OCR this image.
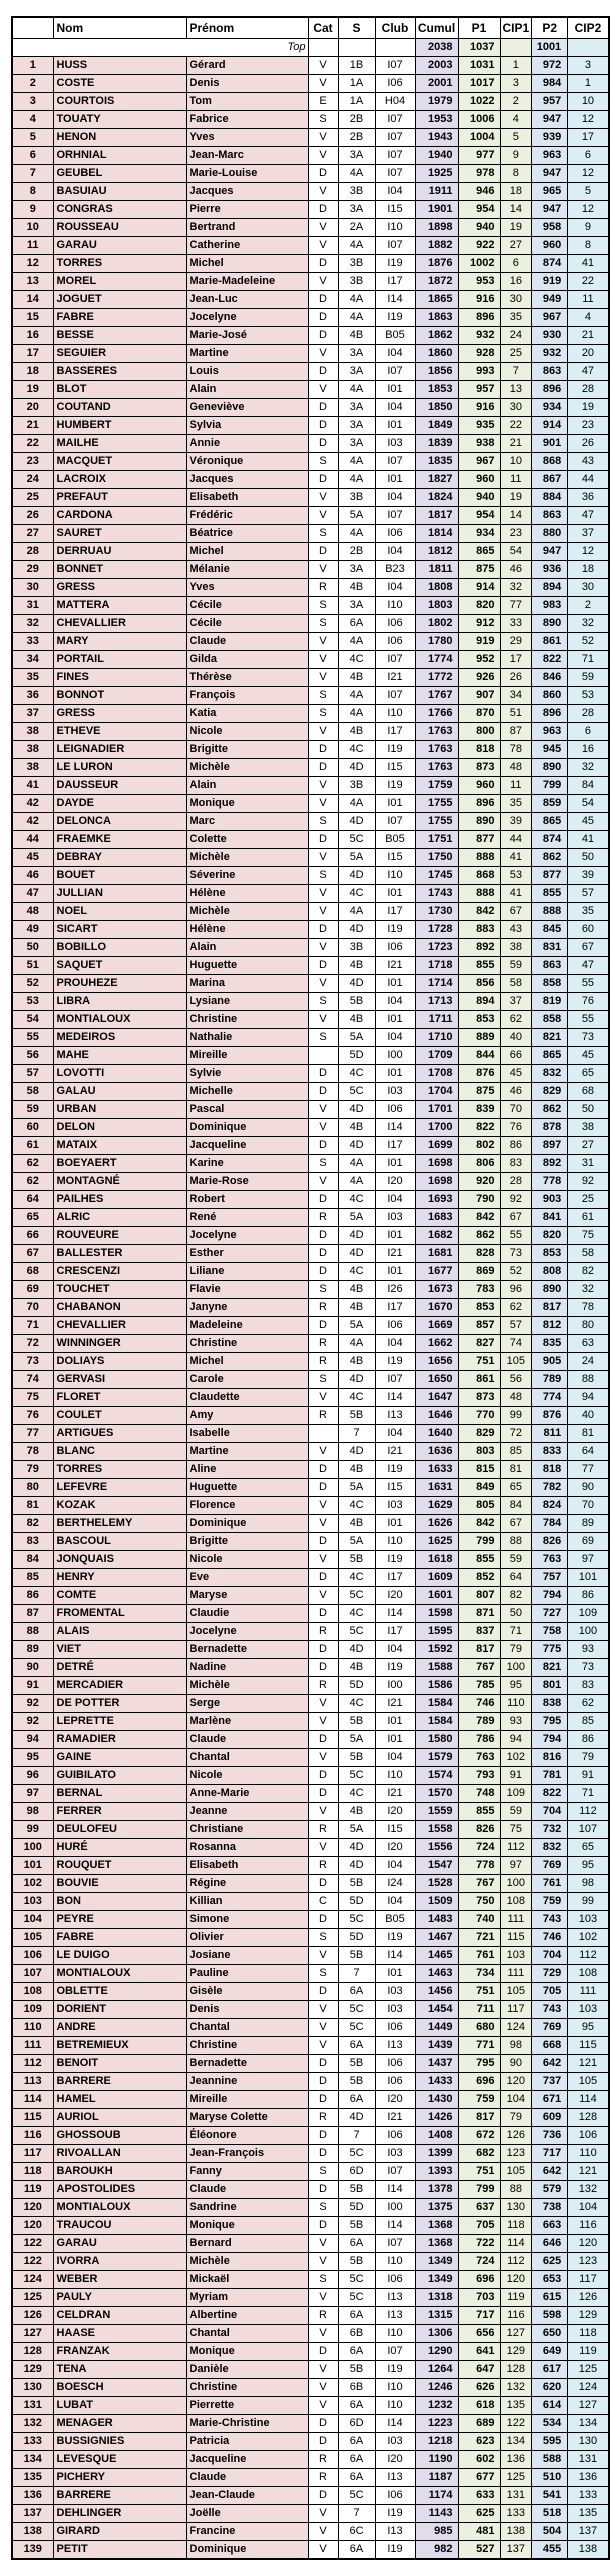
	Nom	Prénom	Cat	S	Club	Cumul	P1	CIP1	P2	CIP2
Top						2038	1037		1001	
1	HUSS	Gérard	V	1B	I07	2003	1031	1	972	3
2	COSTE	Denis	V	1A	I06	2001	1017	3	984	1
3	COURTOIS	Tom	E	1A	H04	1979	1022	2	957	10
4	TOUATY	Fabrice	S	2B	I07	1953	1006	4	947	12
5	HENON	Yves	V	2B	I07	1943	1004	5	939	17
6	ORHNIAL	Jean-Marc	V	3A	I07	1940	977	9	963	6
7	GEUBEL	Marie-Louise	D	4A	I07	1925	978	8	947	12
8	BASUIAU	Jacques	V	3B	I04	1911	946	18	965	5
9	CONGRAS	Pierre	D	3A	I15	1901	954	14	947	12
10	ROUSSEAU	Bertrand	V	2A	I10	1898	940	19	958	9
11	GARAU	Catherine	V	4A	I07	1882	922	27	960	8
12	TORRES	Michel	D	3B	I19	1876	1002	6	874	41
13	MOREL	Marie-Madeleine	V	3B	I17	1872	953	16	919	22
14	JOGUET	Jean-Luc	D	4A	I14	1865	916	30	949	11
15	FABRE	Jocelyne	D	4A	I19	1863	896	35	967	4
16	BESSE	Marie-José	D	4B	B05	1862	932	24	930	21
17	SEGUIER	Martine	V	3A	I04	1860	928	25	932	20
18	BASSERES	Louis	D	3A	I07	1856	993	7	863	47
19	BLOT	Alain	V	4A	I01	1853	957	13	896	28
20	COUTAND	Geneviève	D	3A	I04	1850	916	30	934	19
21	HUMBERT	Sylvia	D	3A	I01	1849	935	22	914	23
22	MAILHE	Annie	D	3A	I03	1839	938	21	901	26
23	MACQUET	Véronique	S	4A	I07	1835	967	10	868	43
24	LACROIX	Jacques	D	4A	I01	1827	960	11	867	44
25	PREFAUT	Elisabeth	V	3B	I04	1824	940	19	884	36
26	CARDONA	Frédéric	V	5A	I07	1817	954	14	863	47
27	SAURET	Béatrice	S	4A	I06	1814	934	23	880	37
28	DERRUAU	Michel	D	2B	I04	1812	865	54	947	12
29	BONNET	Mélanie	V	3A	B23	1811	875	46	936	18
30	GRESS	Yves	R	4B	I04	1808	914	32	894	30
31	MATTERA	Cécile	S	3A	I10	1803	820	77	983	2
32	CHEVALLIER	Cécile	S	6A	I06	1802	912	33	890	32
33	MARY	Claude	V	4A	I06	1780	919	29	861	52
34	PORTAIL	Gilda	V	4C	I07	1774	952	17	822	71
35	FINES	Thérèse	V	4B	I21	1772	926	26	846	59
36	BONNOT	François	S	4A	I07	1767	907	34	860	53
37	GRESS	Katia	S	4A	I10	1766	870	51	896	28
38	ETHEVE	Nicole	V	4B	I17	1763	800	87	963	6
38	LEIGNADIER	Brigitte	D	4C	I19	1763	818	78	945	16
38	LE LURON	Michèle	D	4D	I15	1763	873	48	890	32
41	DAUSSEUR	Alain	V	3B	I19	1759	960	11	799	84
42	DAYDE	Monique	V	4A	I01	1755	896	35	859	54
42	DELONCA	Marc	S	4D	I07	1755	890	39	865	45
44	FRAEMKE	Colette	D	5C	B05	1751	877	44	874	41
45	DEBRAY	Michèle	V	5A	I15	1750	888	41	862	50
46	BOUET	Séverine	S	4D	I10	1745	868	53	877	39
47	JULLIAN	Hélène	V	4C	I01	1743	888	41	855	57
48	NOEL	Michèle	V	4A	I17	1730	842	67	888	35
49	SICART	Hélène	D	4D	I19	1728	883	43	845	60
50	BOBILLO	Alain	V	3B	I06	1723	892	38	831	67
51	SAQUET	Huguette	D	4B	I21	1718	855	59	863	47
52	PROUHEZE	Marina	V	4D	I01	1714	856	58	858	55
53	LIBRA	Lysiane	S	5B	I04	1713	894	37	819	76
54	MONTIALOUX	Christine	V	4B	I01	1711	853	62	858	55
55	MEDEIROS	Nathalie	S	5A	I04	1710	889	40	821	73
56	MAHE	Mireille		5D	I00	1709	844	66	865	45
57	LOVOTTI	Sylvie	D	4C	I01	1708	876	45	832	65
58	GALAU	Michelle	D	5C	I03	1704	875	46	829	68
59	URBAN	Pascal	V	4D	I06	1701	839	70	862	50
60	DELON	Dominique	V	4B	I14	1700	822	76	878	38
61	MATAIX	Jacqueline	D	4D	I17	1699	802	86	897	27
62	BOEYAERT	Karine	S	4A	I01	1698	806	83	892	31
62	MONTAGNÉ	Marie-Rose	V	4A	I20	1698	920	28	778	92
64	PAILHES	Robert	D	4C	I04	1693	790	92	903	25
65	ALRIC	René	R	5A	I03	1683	842	67	841	61
66	ROUVEURE	Jocelyne	D	4D	I01	1682	862	55	820	75
67	BALLESTER	Esther	D	4D	I21	1681	828	73	853	58
68	CRESCENZI	Liliane	D	4C	I01	1677	869	52	808	82
69	TOUCHET	Flavie	S	4B	I26	1673	783	96	890	32
70	CHABANON	Janyne	R	4B	I17	1670	853	62	817	78
71	CHEVALLIER	Madeleine	D	5A	I06	1669	857	57	812	80
72	WINNINGER	Christine	R	4A	I04	1662	827	74	835	63
73	DOLIAYS	Michel	R	4B	I19	1656	751	105	905	24
74	GERVASI	Carole	S	4D	I07	1650	861	56	789	88
75	FLORET	Claudette	V	4C	I14	1647	873	48	774	94
76	COULET	Amy	R	5B	I13	1646	770	99	876	40
77	ARTIGUES	Isabelle		7	I04	1640	829	72	811	81
78	BLANC	Martine	V	4D	I21	1636	803	85	833	64
79	TORRES	Aline	D	4B	I19	1633	815	81	818	77
80	LEFEVRE	Huguette	D	5A	I15	1631	849	65	782	90
81	KOZAK	Florence	V	4C	I03	1629	805	84	824	70
82	BERTHELEMY	Dominique	V	4B	I01	1626	842	67	784	89
83	BASCOUL	Brigitte	D	5A	I10	1625	799	88	826	69
84	JONQUAIS	Nicole	V	5B	I19	1618	855	59	763	97
85	HENRY	Eve	D	4C	I17	1609	852	64	757	101
86	COMTE	Maryse	V	5C	I20	1601	807	82	794	86
87	FROMENTAL	Claudie	D	4C	I14	1598	871	50	727	109
88	ALAIS	Jocelyne	R	5C	I17	1595	837	71	758	100
89	VIET	Bernadette	D	4D	I04	1592	817	79	775	93
90	DETRÉ	Nadine	D	4B	I19	1588	767	100	821	73
91	MERCADIER	Michèle	R	5D	I00	1586	785	95	801	83
92	DE POTTER	Serge	V	4C	I21	1584	746	110	838	62
92	LEPRETTE	Marlène	V	5B	I01	1584	789	93	795	85
94	RAMADIER	Claude	D	5A	I01	1580	786	94	794	86
95	GAINE	Chantal	V	5B	I04	1579	763	102	816	79
96	GUIBILATO	Nicole	D	5C	I10	1574	793	91	781	91
97	BERNAL	Anne-Marie	D	4C	I21	1570	748	109	822	71
98	FERRER	Jeanne	V	4B	I20	1559	855	59	704	112
99	DEULOFEU	Christiane	R	5A	I15	1558	826	75	732	107
100	HURÉ	Rosanna	V	4D	I20	1556	724	112	832	65
101	ROUQUET	Elisabeth	R	4D	I04	1547	778	97	769	95
102	BOUVIE	Régine	D	5B	I24	1528	767	100	761	98
103	BON	Killian	C	5D	I04	1509	750	108	759	99
104	PEYRE	Simone	D	5C	B05	1483	740	111	743	103
105	FABRE	Olivier	S	5D	I19	1467	721	115	746	102
106	LE DUIGO	Josiane	V	5B	I14	1465	761	103	704	112
107	MONTIALOUX	Pauline	S	7	I01	1463	734	111	729	108
108	OBLETTE	Gisèle	D	6A	I03	1456	751	105	705	111
109	DORIENT	Denis	V	5C	I03	1454	711	117	743	103
110	ANDRE	Chantal	V	5C	I06	1449	680	124	769	95
111	BETREMIEUX	Christine	V	6A	I13	1439	771	98	668	115
112	BENOIT	Bernadette	D	5B	I06	1437	795	90	642	121
113	BARRERE	Jeannine	D	5B	I06	1433	696	120	737	105
114	HAMEL	Mireille	D	6A	I20	1430	759	104	671	114
115	AURIOL	Maryse Colette	R	4D	I21	1426	817	79	609	128
116	GHOSSOUB	Éléonore	D	7	I06	1408	672	126	736	106
117	RIVOALLAN	Jean-François	D	5C	I03	1399	682	123	717	110
118	BAROUKH	Fanny	S	6D	I07	1393	751	105	642	121
119	APOSTOLIDES	Claude	D	5B	I14	1378	799	88	579	132
120	MONTIALOUX	Sandrine	S	5D	I00	1375	637	130	738	104
120	TRAUCOU	Monique	D	5B	I14	1368	705	118	663	116
122	GARAU	Bernard	V	6A	I07	1368	722	114	646	120
122	IVORRA	Michèle	V	5B	I10	1349	724	112	625	123
124	WEBER	Mickaël	S	5C	I06	1349	696	120	653	117
125	PAULY	Myriam	V	5C	I13	1318	703	119	615	126
126	CELDRAN	Albertine	R	6A	I13	1315	717	116	598	129
127	HAASE	Chantal	V	6B	I10	1306	656	127	650	118
128	FRANZAK	Monique	D	6A	I07	1290	641	129	649	119
129	TENA	Danièle	V	5B	I19	1264	647	128	617	125
130	BOESCH	Christine	V	6B	I10	1246	626	132	620	124
131	LUBAT	Pierrette	V	6A	I10	1232	618	135	614	127
132	MENAGER	Marie-Christine	D	6D	I14	1223	689	122	534	134
133	BUSSIGNIES	Patricia	D	6A	I03	1218	623	134	595	130
134	LEVESQUE	Jacqueline	R	6A	I20	1190	602	136	588	131
135	PICHERY	Claude	R	6A	I13	1187	677	125	510	136
136	BARRERE	Jean-Claude	D	5C	I06	1174	633	131	541	133
137	DEHLINGER	Joëlle	V	7	I19	1143	625	133	518	135
138	GIRARD	Francine	V	6C	I13	985	481	138	504	137
139	PETIT	Dominique	V	6A	I19	982	527	137	455	138
